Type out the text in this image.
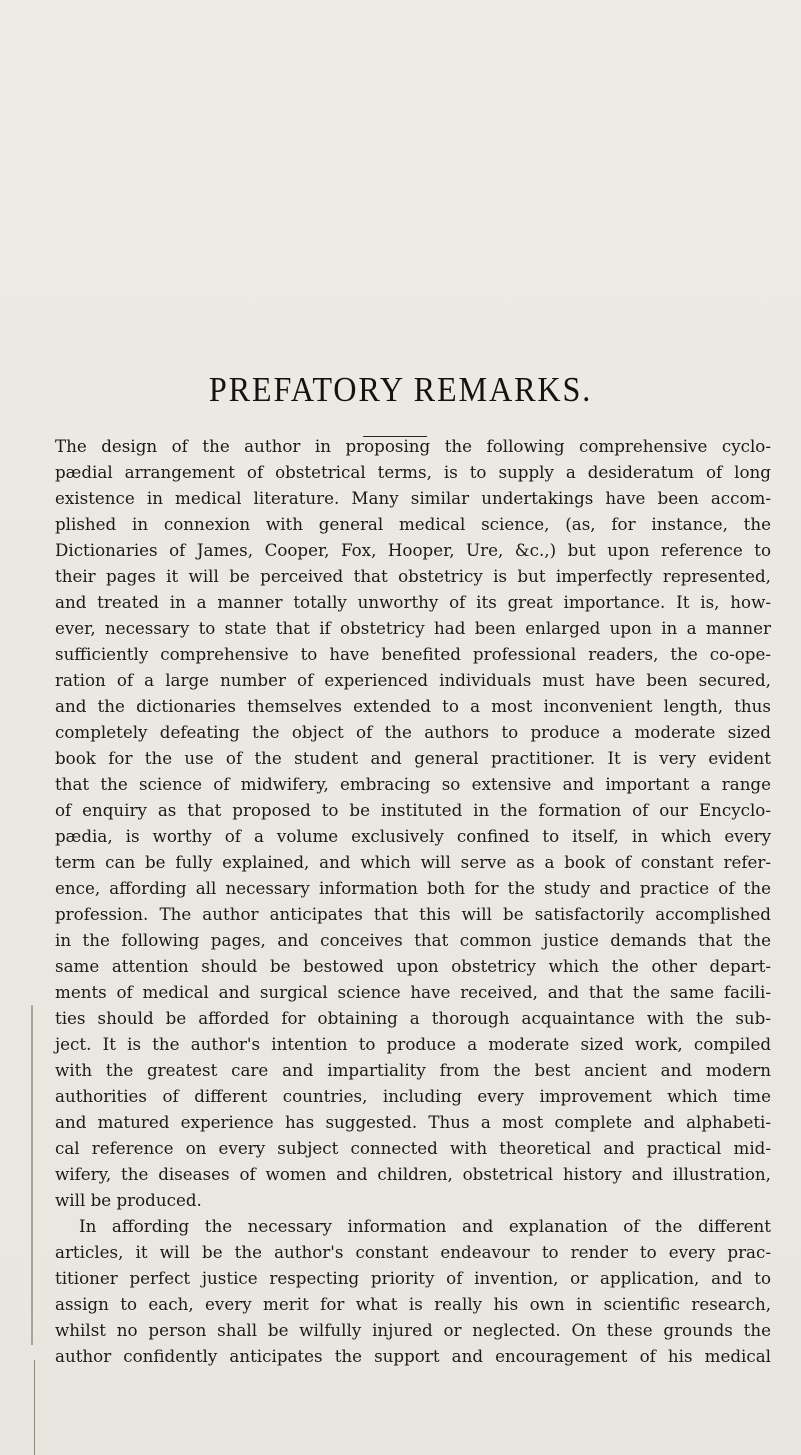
PREFATORY REMARKS.
The design of the author in proposing the following comprehensive cyclo-
pædial arrangement of obstetrical terms, is to supply a desideratum of long
existence in medical literature. Many similar undertakings have been accom-
plished in connexion with general medical science, (as, for instance, the
Dictionaries of James, Cooper, Fox, Hooper, Ure, &c.,) but upon reference to
their pages it will be perceived that obstetricy is but imperfectly represented,
and treated in a manner totally unworthy of its great importance. It is, how-
ever, necessary to state that if obstetricy had been enlarged upon in a manner
sufficiently comprehensive to have benefited professional readers, the co-ope-
ration of a large number of experienced individuals must have been secured,
and the dictionaries themselves extended to a most inconvenient length, thus
completely defeating the object of the authors to produce a moderate sized
book for the use of the student and general practitioner. It is very evident
that the science of midwifery, embracing so extensive and important a range
of enquiry as that proposed to be instituted in the formation of our Encyclo-
pædia, is worthy of a volume exclusively confined to itself, in which every
term can be fully explained, and which will serve as a book of constant refer-
ence, affording all necessary information both for the study and practice of the
profession. The author anticipates that this will be satisfactorily accomplished
in the following pages, and conceives that common justice demands that the
same attention should be bestowed upon obstetricy which the other depart-
ments of medical and surgical science have received, and that the same facili-
ties should be afforded for obtaining a thorough acquaintance with the sub-
ject. It is the author's intention to produce a moderate sized work, compiled
with the greatest care and impartiality from the best ancient and modern
authorities of different countries, including every improvement which time
and matured experience has suggested. Thus a most complete and alphabeti-
cal reference on every subject connected with theoretical and practical mid-
wifery, the diseases of women and children, obstetrical history and illustration,
will be produced.
In affording the necessary information and explanation of the different
articles, it will be the author's constant endeavour to render to every prac-
titioner perfect justice respecting priority of invention, or application, and to
assign to each, every merit for what is really his own in scientific research,
whilst no person shall be wilfully injured or neglected. On these grounds the
author confidently anticipates the support and encouragement of his medical
